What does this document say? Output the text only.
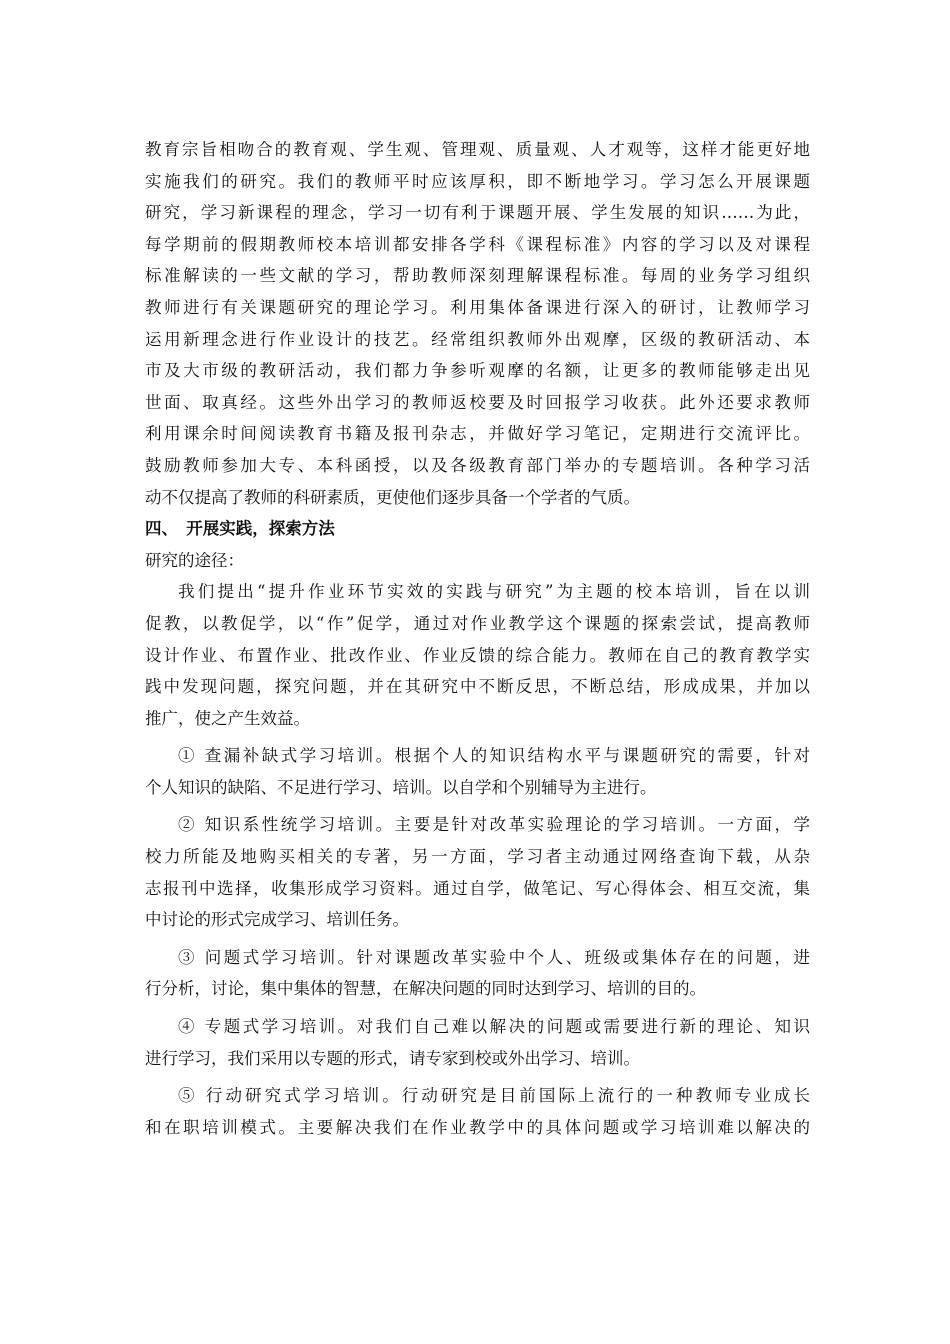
教育宗旨相吻合的教育观、学生观、管理观、质量观、人才观等，这样才能更好地
实施我们的研究。我们的教师平时应该厚积，即不断地学习。学习怎么开展课题
研究，学习新课程的理念，学习一切有利于课题开展、学生发展的知识……为此，
每学期前的假期教师校本培训都安排各学科《课程标准》内容的学习以及对课程
标准解读的一些文献的学习，帮助教师深刻理解课程标准。每周的业务学习组织
教师进行有关课题研究的理论学习。利用集体备课进行深入的研讨，让教师学习
运用新理念进行作业设计的技艺。经常组织教师外出观摩，区级的教研活动、本
市及大市级的教研活动，我们都力争参听观摩的名额，让更多的教师能够走出见
世面、取真经。这些外出学习的教师返校要及时回报学习收获。此外还要求教师
利用课余时间阅读教育书籍及报刊杂志，并做好学习笔记，定期进行交流评比。
鼓励教师参加大专、本科函授，以及各级教育部门举办的专题培训。各种学习活
动不仅提高了教师的科研素质，更使他们逐步具备一个学者的气质。

四、　开展实践，探索方法

研究的途径：

我们提出“提升作业环节实效的实践与研究”为主题的校本培训，旨在以训
促教，以教促学，以“作”促学，通过对作业教学这个课题的探索尝试，提高教师
设计作业、布置作业、批改作业、作业反馈的综合能力。教师在自己的教育教学实
践中发现问题，探究问题，并在其研究中不断反思，不断总结，形成成果，并加以
推广，使之产生效益。

① 查漏补缺式学习培训。根据个人的知识结构水平与课题研究的需要，针对
个人知识的缺陷、不足进行学习、培训。以自学和个别辅导为主进行。

② 知识系性统学习培训。主要是针对改革实验理论的学习培训。一方面，学
校力所能及地购买相关的专著，另一方面，学习者主动通过网络查询下载，从杂
志报刊中选择，收集形成学习资料。通过自学，做笔记、写心得体会、相互交流，集
中讨论的形式完成学习、培训任务。

③ 问题式学习培训。针对课题改革实验中个人、班级或集体存在的问题，进
行分析，讨论，集中集体的智慧，在解决问题的同时达到学习、培训的目的。

④ 专题式学习培训。对我们自己难以解决的问题或需要进行新的理论、知识
进行学习，我们采用以专题的形式，请专家到校或外出学习、培训。

⑤ 行动研究式学习培训。行动研究是目前国际上流行的一种教师专业成长
和在职培训模式。主要解决我们在作业教学中的具体问题或学习培训难以解决的
